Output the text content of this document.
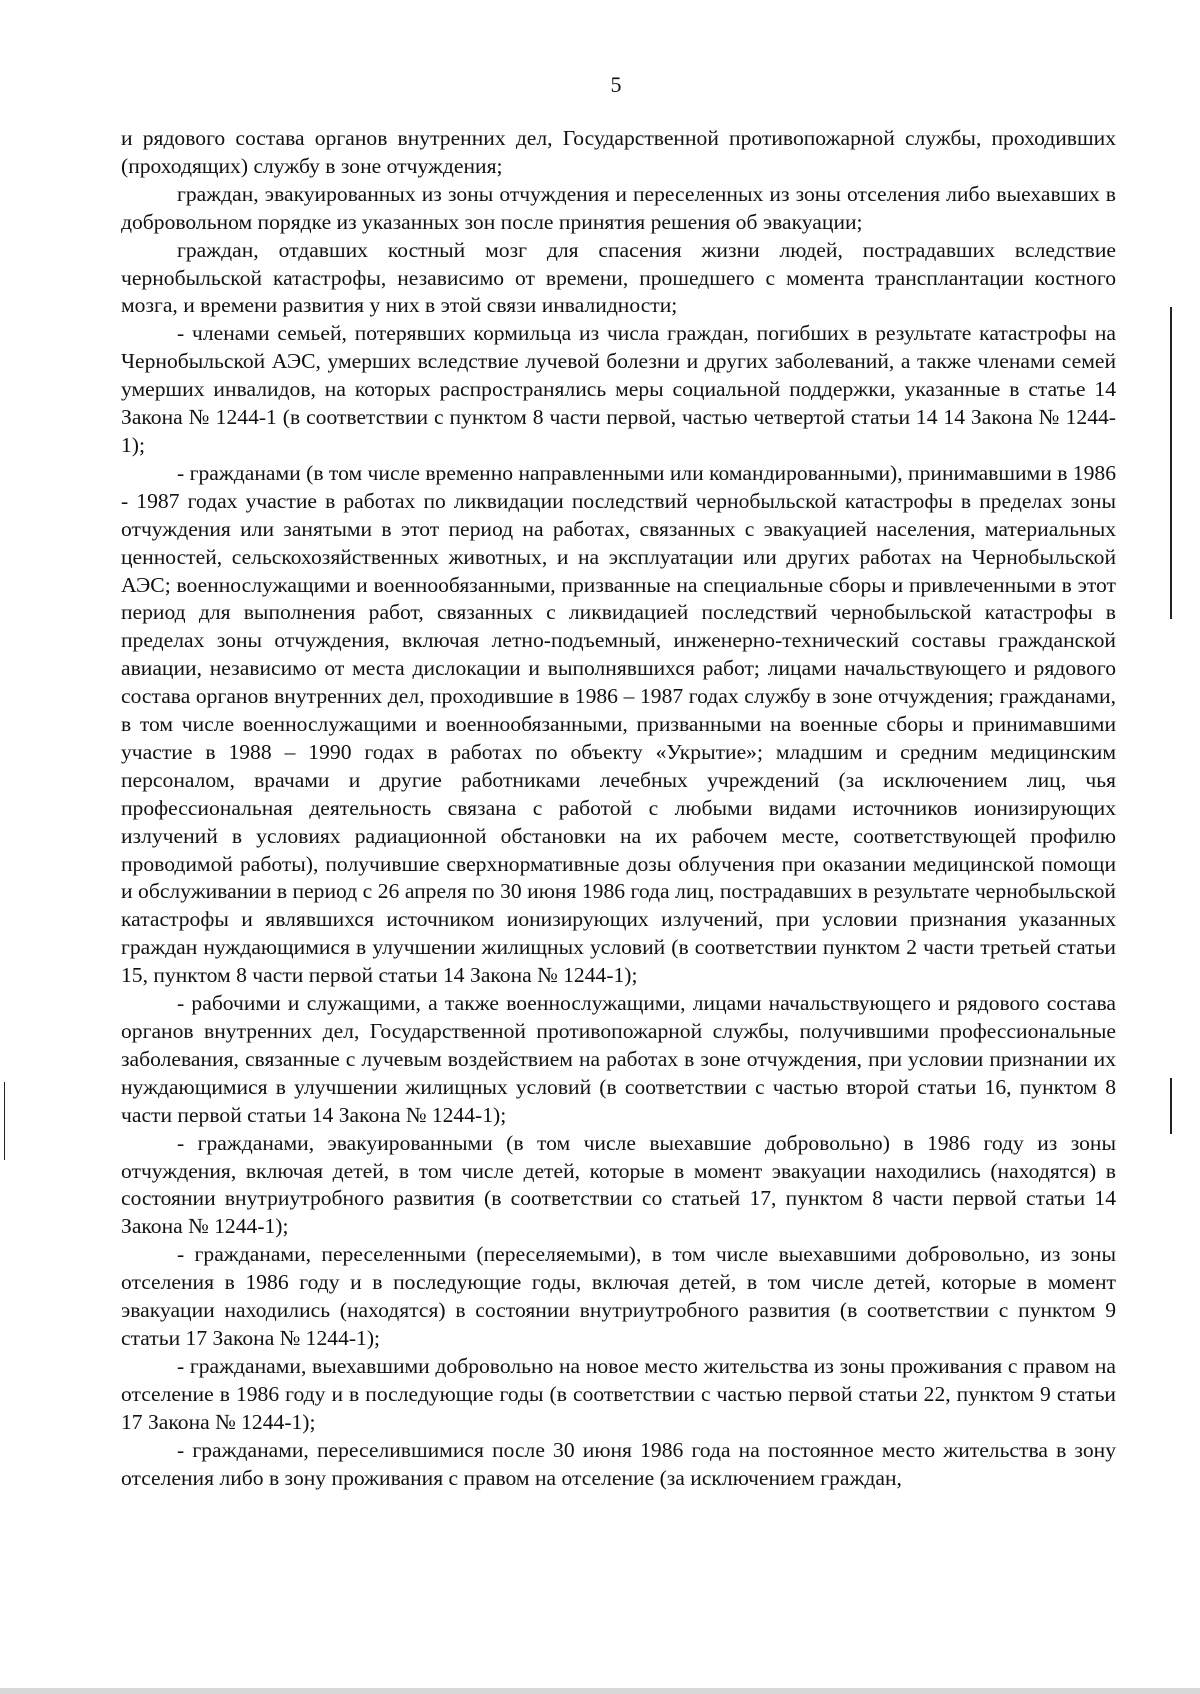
5

и рядового состава органов внутренних дел, Государственной противопожарной службы, проходивших (проходящих) службу в зоне отчуждения;

граждан, эвакуированных из зоны отчуждения и переселенных из зоны отселения либо выехавших в добровольном порядке из указанных зон после принятия решения об эвакуации;

граждан, отдавших костный мозг для спасения жизни людей, пострадавших вследствие чернобыльской катастрофы, независимо от времени, прошедшего с момента трансплантации костного мозга, и времени развития у них в этой связи инвалидности;

- членами семьей, потерявших кормильца из числа граждан, погибших в результате катастрофы на Чернобыльской АЭС, умерших вследствие лучевой болезни и других заболеваний, а также членами семей умерших инвалидов, на которых распространялись меры социальной поддержки, указанные в статье 14 Закона № 1244-1 (в соответствии с пунктом 8 части первой, частью четвертой статьи 14 14 Закона № 1244-1);

- гражданами (в том числе временно направленными или командированными), принимавшими в 1986 - 1987 годах участие в работах по ликвидации последствий чернобыльской катастрофы в пределах зоны отчуждения или занятыми в этот период на работах, связанных с эвакуацией населения, материальных ценностей, сельскохозяйственных животных, и на эксплуатации или других работах на Чернобыльской АЭС; военнослужащими и военнообязанными, призванные на специальные сборы и привлеченными в этот период для выполнения работ, связанных с ликвидацией последствий чернобыльской катастрофы в пределах зоны отчуждения, включая летно-подъемный, инженерно-технический составы гражданской авиации, независимо от места дислокации и выполнявшихся работ; лицами начальствующего и рядового состава органов внутренних дел, проходившие в 1986 – 1987 годах службу в зоне отчуждения; гражданами, в том числе военнослужащими и военнообязанными, призванными на военные сборы и принимавшими участие в 1988 – 1990 годах в работах по объекту «Укрытие»; младшим и средним медицинским персоналом, врачами и другие работниками лечебных учреждений (за исключением лиц, чья профессиональная деятельность связана с работой с любыми видами источников ионизирующих излучений в условиях радиационной обстановки на их рабочем месте, соответствующей профилю проводимой работы), получившие сверхнормативные дозы облучения при оказании медицинской помощи и обслуживании в период с 26 апреля по 30 июня 1986 года лиц, пострадавших в результате чернобыльской катастрофы и являвшихся источником ионизирующих излучений, при условии признания указанных граждан нуждающимися в улучшении жилищных условий (в соответствии пунктом 2 части третьей статьи 15, пунктом 8 части первой статьи 14 Закона № 1244-1);

- рабочими и служащими, а также военнослужащими, лицами начальствующего и рядового состава органов внутренних дел, Государственной противопожарной службы, получившими профессиональные заболевания, связанные с лучевым воздействием на работах в зоне отчуждения, при условии признании их нуждающимися в улучшении жилищных условий (в соответствии с частью второй статьи 16, пунктом 8 части первой статьи 14 Закона № 1244-1);

- гражданами, эвакуированными (в том числе выехавшие добровольно) в 1986 году из зоны отчуждения, включая детей, в том числе детей, которые в момент эвакуации находились (находятся) в состоянии внутриутробного развития (в соответствии со статьей 17, пунктом 8 части первой статьи 14 Закона № 1244-1);

- гражданами, переселенными (переселяемыми), в том числе выехавшими добровольно, из зоны отселения в 1986 году и в последующие годы, включая детей, в том числе детей, которые в момент эвакуации находились (находятся) в состоянии внутриутробного развития (в соответствии с пунктом 9 статьи 17 Закона № 1244-1);

- гражданами, выехавшими добровольно на новое место жительства из зоны проживания с правом на отселение в 1986 году и в последующие годы (в соответствии с частью первой статьи 22, пунктом 9 статьи 17 Закона № 1244-1);

- гражданами, переселившимися после 30 июня 1986 года на постоянное место жительства в зону отселения либо в зону проживания с правом на отселение (за исключением граждан,
